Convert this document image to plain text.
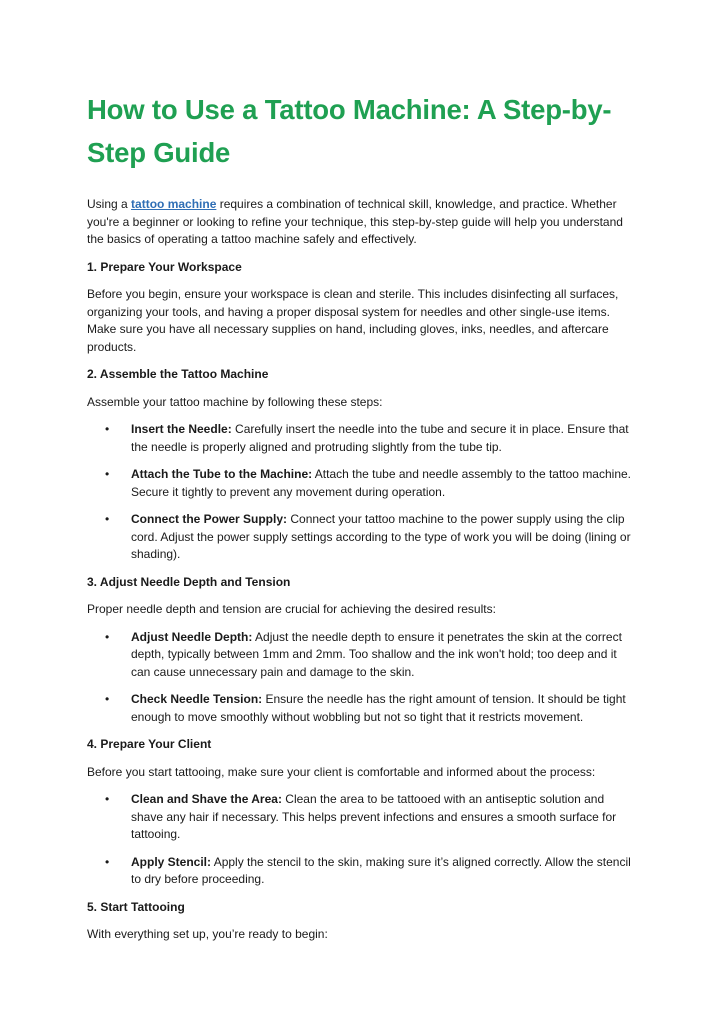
How to Use a Tattoo Machine: A Step-by-Step Guide

Using a tattoo machine requires a combination of technical skill, knowledge, and practice. Whether you're a beginner or looking to refine your technique, this step-by-step guide will help you understand the basics of operating a tattoo machine safely and effectively.

1. Prepare Your Workspace

Before you begin, ensure your workspace is clean and sterile. This includes disinfecting all surfaces, organizing your tools, and having a proper disposal system for needles and other single-use items. Make sure you have all necessary supplies on hand, including gloves, inks, needles, and aftercare products.

2. Assemble the Tattoo Machine

Assemble your tattoo machine by following these steps:

• Insert the Needle: Carefully insert the needle into the tube and secure it in place. Ensure that the needle is properly aligned and protruding slightly from the tube tip.
• Attach the Tube to the Machine: Attach the tube and needle assembly to the tattoo machine. Secure it tightly to prevent any movement during operation.
• Connect the Power Supply: Connect your tattoo machine to the power supply using the clip cord. Adjust the power supply settings according to the type of work you will be doing (lining or shading).

3. Adjust Needle Depth and Tension

Proper needle depth and tension are crucial for achieving the desired results:

• Adjust Needle Depth: Adjust the needle depth to ensure it penetrates the skin at the correct depth, typically between 1mm and 2mm. Too shallow and the ink won't hold; too deep and it can cause unnecessary pain and damage to the skin.
• Check Needle Tension: Ensure the needle has the right amount of tension. It should be tight enough to move smoothly without wobbling but not so tight that it restricts movement.

4. Prepare Your Client

Before you start tattooing, make sure your client is comfortable and informed about the process:

• Clean and Shave the Area: Clean the area to be tattooed with an antiseptic solution and shave any hair if necessary. This helps prevent infections and ensures a smooth surface for tattooing.
• Apply Stencil: Apply the stencil to the skin, making sure it’s aligned correctly. Allow the stencil to dry before proceeding.

5. Start Tattooing

With everything set up, you’re ready to begin:
